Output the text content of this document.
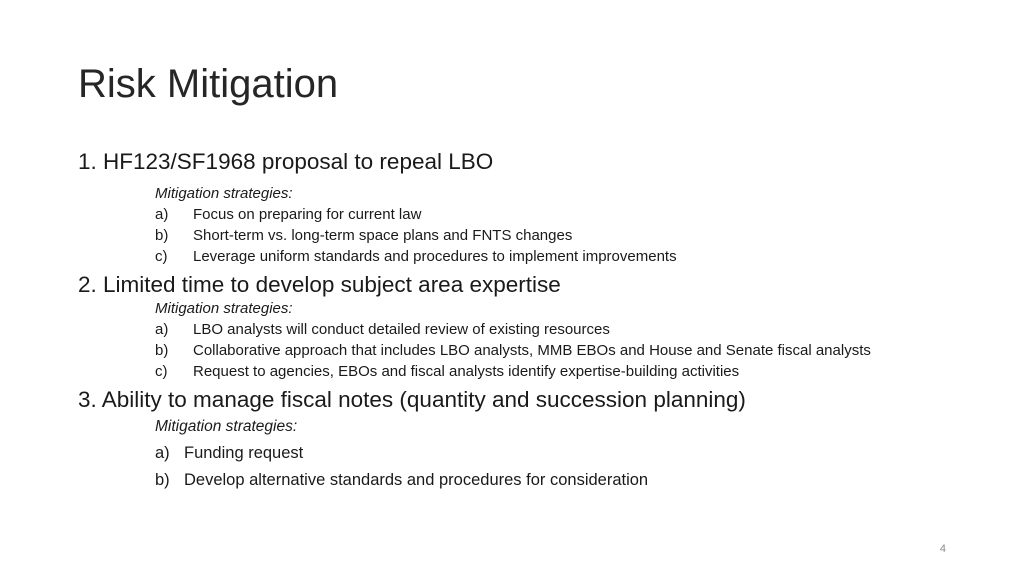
Risk Mitigation
1. HF123/SF1968 proposal to repeal LBO
Mitigation strategies:
a) Focus on preparing for current law
b) Short-term vs. long-term space plans and FNTS changes
c) Leverage uniform standards and procedures to implement improvements
2. Limited time to develop subject area expertise
Mitigation strategies:
a) LBO analysts will conduct detailed review of existing resources
b) Collaborative approach that includes LBO analysts, MMB EBOs and House and Senate fiscal analysts
c) Request to agencies, EBOs and fiscal analysts identify expertise-building activities
3. Ability to manage fiscal notes (quantity and succession planning)
Mitigation strategies:
a) Funding request
b) Develop alternative standards and procedures for consideration
4
